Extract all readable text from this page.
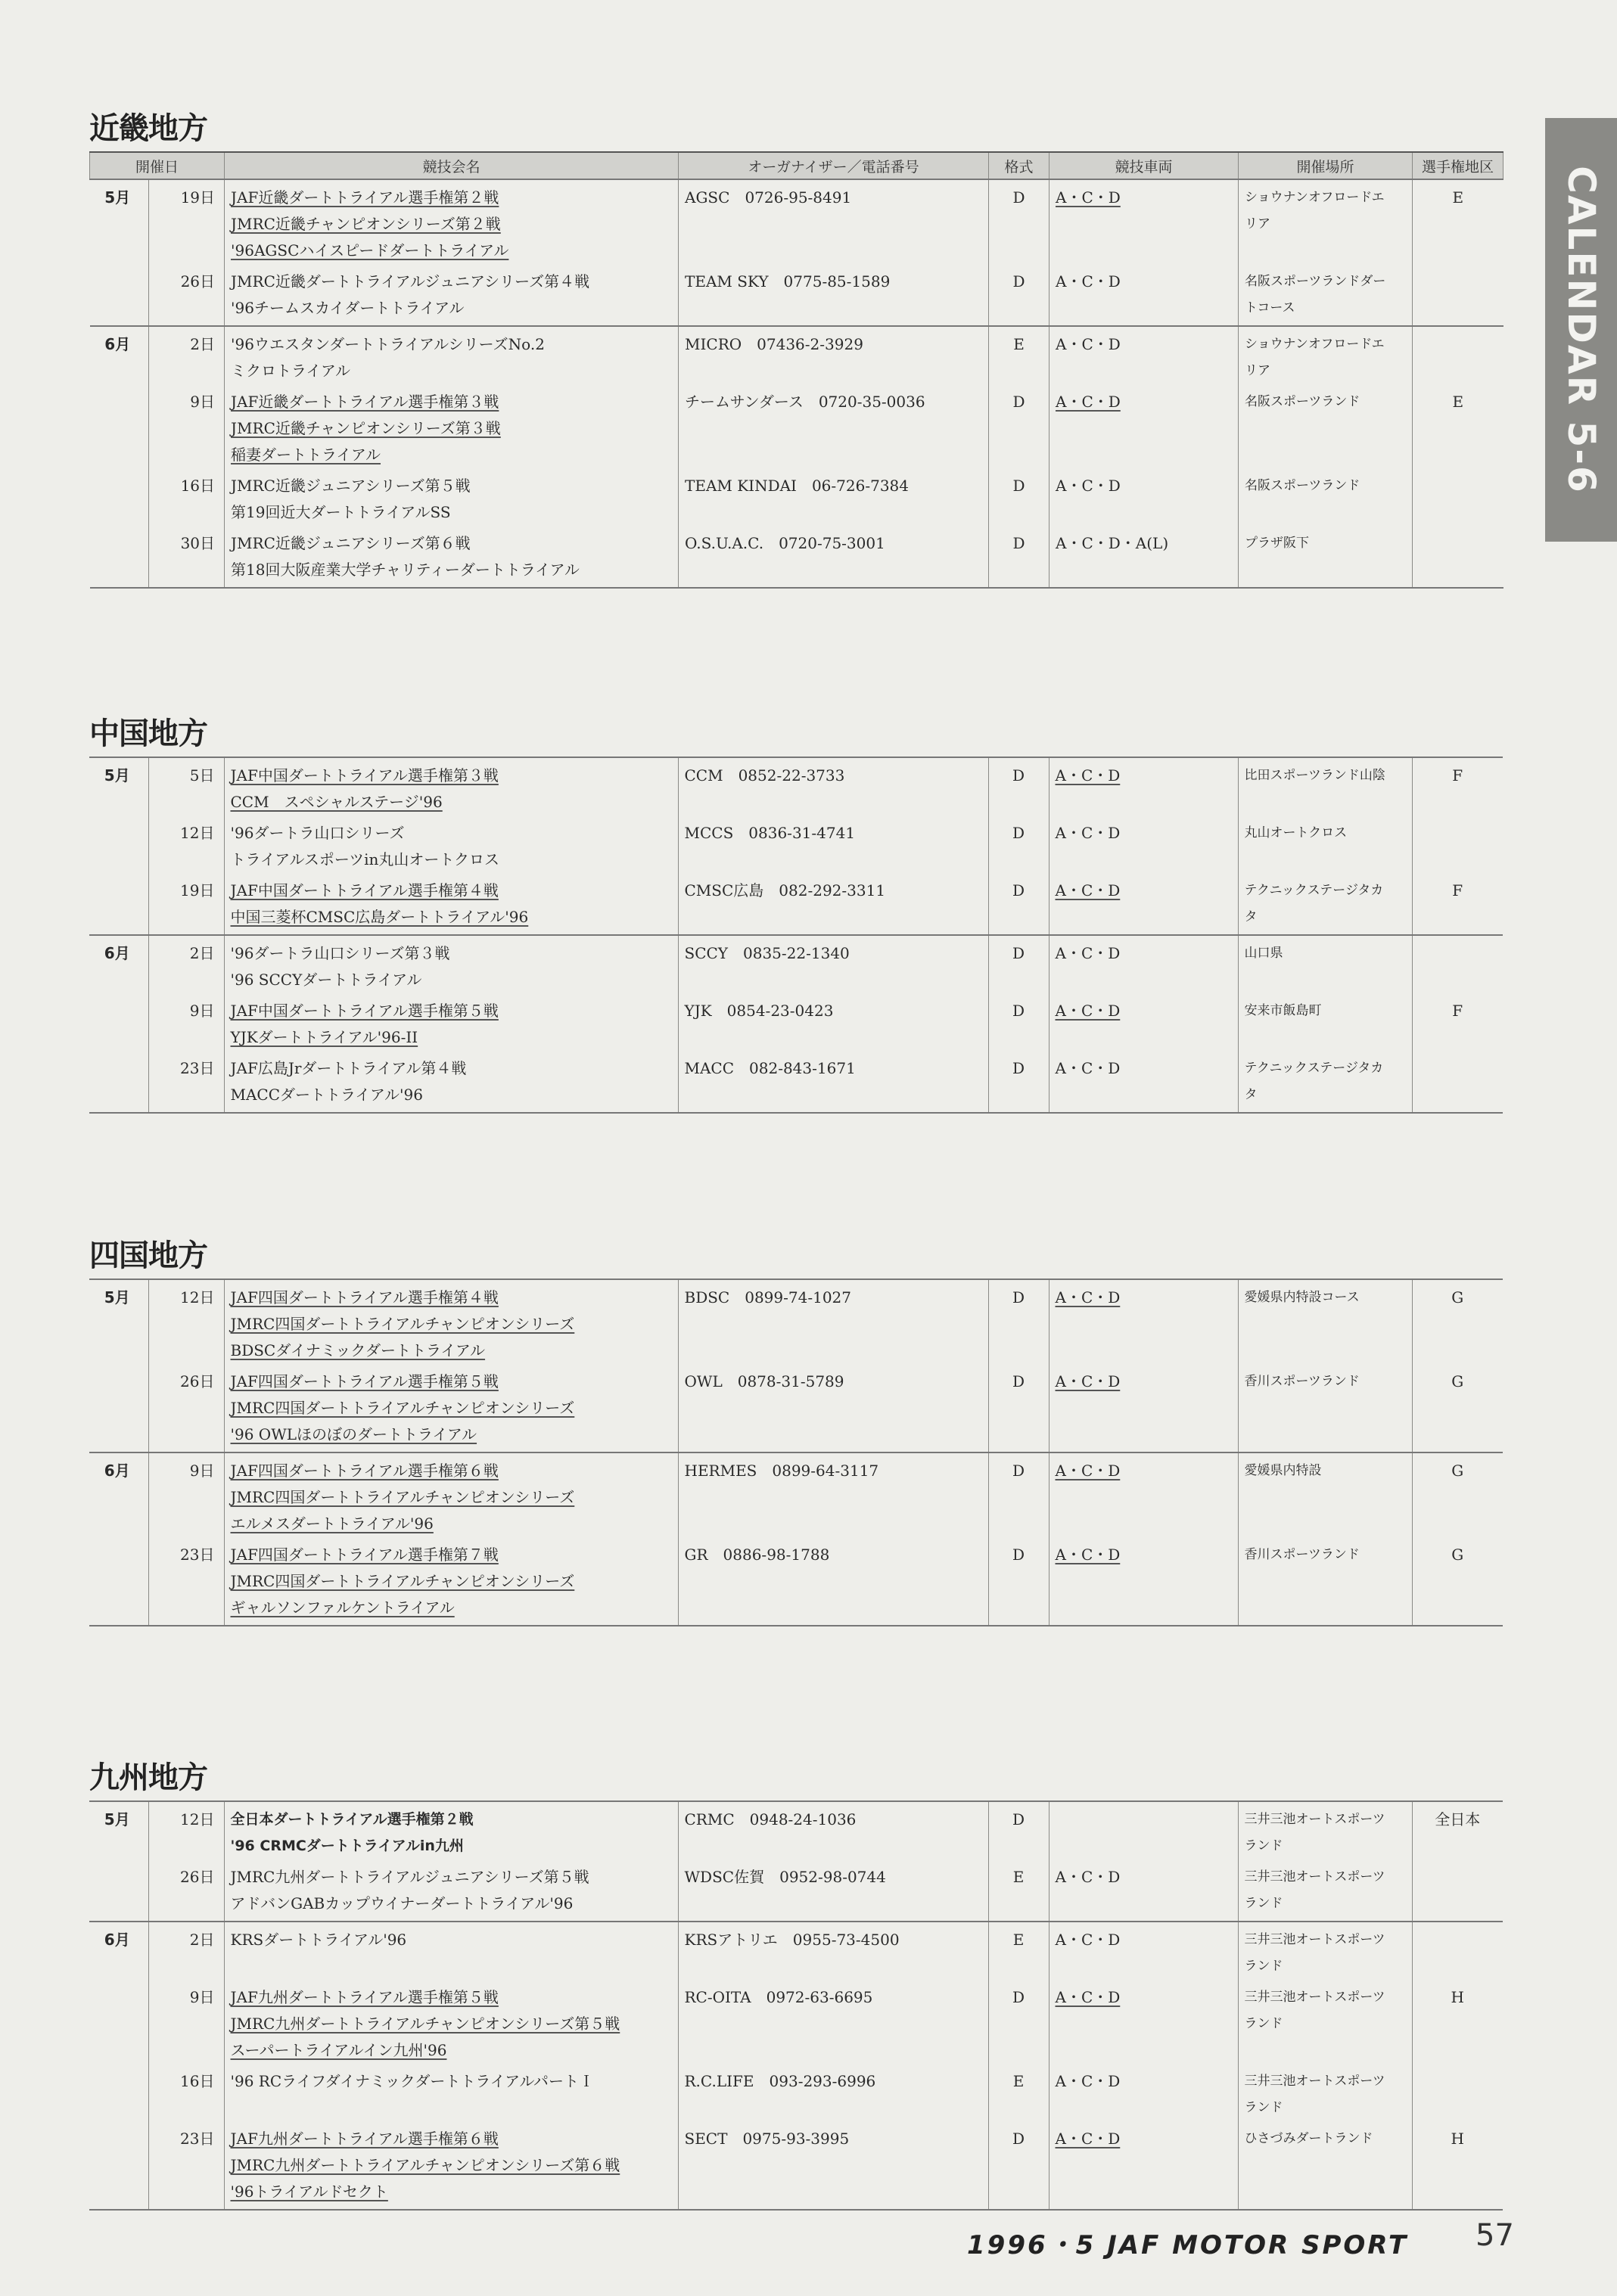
近畿地方
開催日		競技会名	オーガナイザー／電話番号	格式	競技車両	開催場所	選手権地区
5月	19日	JAF近畿ダートトライアル選手権第２戦
JMRC近畿チャンピオンシリーズ第２戦
'96AGSCハイスピードダートトライアル	AGSC　0726-95-8491	D	A・C・D	ショウナンオフロードエ
リア	E
	26日	JMRC近畿ダートトライアルジュニアシリーズ第４戦
'96チームスカイダートトライアル	TEAM SKY　0775-85-1589	D	A・C・D	名阪スポーツランドダー
トコース	

6月	2日	'96ウエスタンダートトライアルシリーズNo.2
ミクロトライアル	MICRO　07436-2-3929	E	A・C・D	ショウナンオフロードエ
リア	

	9日	JAF近畿ダートトライアル選手権第３戦
JMRC近畿チャンピオンシリーズ第３戦
稲妻ダートトライアル	チームサンダース　0720-35-0036	D	A・C・D	名阪スポーツランド	E
	16日	JMRC近畿ジュニアシリーズ第５戦
第19回近大ダートトライアルSS	TEAM KINDAI　06-726-7384	D	A・C・D	名阪スポーツランド	

	30日	JMRC近畿ジュニアシリーズ第６戦
第18回大阪産業大学チャリティーダートトライアル	O.S.U.A.C.　0720-75-3001	D	A・C・D・A(L)	プラザ阪下	

中国地方
5月	5日	JAF中国ダートトライアル選手権第３戦
CCM　スペシャルステージ'96	CCM　0852-22-3733	D	A・C・D	比田スポーツランド山陰	F
	12日	'96ダートラ山口シリーズ
トライアルスポーツin丸山オートクロス	MCCS　0836-31-4741	D	A・C・D	丸山オートクロス	

	19日	JAF中国ダートトライアル選手権第４戦
中国三菱杯CMSC広島ダートトライアル'96	CMSC広島　082-292-3311	D	A・C・D	テクニックステージタカ
タ	F
6月	2日	'96ダートラ山口シリーズ第３戦
'96 SCCYダートトライアル	SCCY　0835-22-1340	D	A・C・D	山口県	

	9日	JAF中国ダートトライアル選手権第５戦
YJKダートトライアル'96-II	YJK　0854-23-0423	D	A・C・D	安来市飯島町	F
	23日	JAF広島Jrダートトライアル第４戦
MACCダートトライアル'96	MACC　082-843-1671	D	A・C・D	テクニックステージタカ
タ	

四国地方
5月	12日	JAF四国ダートトライアル選手権第４戦
JMRC四国ダートトライアルチャンピオンシリーズ
BDSCダイナミックダートトライアル	BDSC　0899-74-1027	D	A・C・D	愛媛県内特設コース	G
	26日	JAF四国ダートトライアル選手権第５戦
JMRC四国ダートトライアルチャンピオンシリーズ
'96 OWLほのぼのダートトライアル	OWL　0878-31-5789	D	A・C・D	香川スポーツランド	G
6月	9日	JAF四国ダートトライアル選手権第６戦
JMRC四国ダートトライアルチャンピオンシリーズ
エルメスダートトライアル'96	HERMES　0899-64-3117	D	A・C・D	愛媛県内特設	G
	23日	JAF四国ダートトライアル選手権第７戦
JMRC四国ダートトライアルチャンピオンシリーズ
ギャルソンファルケントライアル	GR　0886-98-1788	D	A・C・D	香川スポーツランド	G
九州地方
5月	12日	全日本ダートトライアル選手権第２戦
'96 CRMCダートトライアルin九州	CRMC　0948-24-1036	D		三井三池オートスポーツ
ランド	全日本
	26日	JMRC九州ダートトライアルジュニアシリーズ第５戦
アドバンGABカップウイナーダートトライアル'96	WDSC佐賀　0952-98-0744	E	A・C・D	三井三池オートスポーツ
ランド	

6月	2日	KRSダートトライアル'96	KRSアトリエ　0955-73-4500	E	A・C・D	三井三池オートスポーツ
ランド	

	9日	JAF九州ダートトライアル選手権第５戦
JMRC九州ダートトライアルチャンピオンシリーズ第５戦
スーパートライアルイン九州'96	RC-OITA　0972-63-6695	D	A・C・D	三井三池オートスポーツ
ランド	H
	16日	'96 RCライフダイナミックダートトライアルパートＩ	R.C.LIFE　093-293-6996	E	A・C・D	三井三池オートスポーツ
ランド	

	23日	JAF九州ダートトライアル選手権第６戦
JMRC九州ダートトライアルチャンピオンシリーズ第６戦
'96トライアルドセクト	SECT　0975-93-3995	D	A・C・D	ひさづみダートランド	H
CALENDAR 5-6
1996・5 JAF MOTOR SPORT 57
